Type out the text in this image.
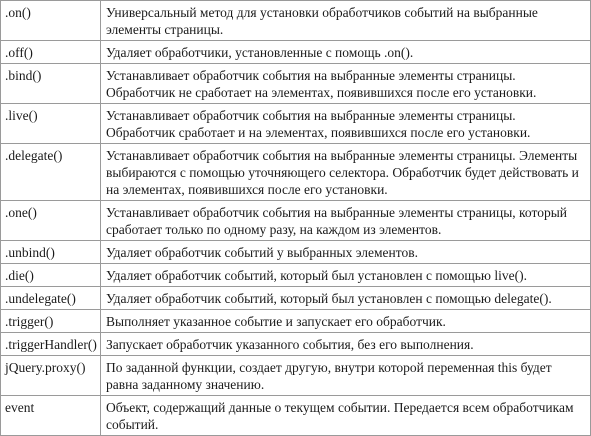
.on()	Универсальный метод для установки обработчиков событий на выбранные элементы страницы.
.off()	Удаляет обработчики, установленные с помощь .on().
.bind()	Устанавливает обработчик события на выбранные элементы страницы. Обработчик не сработает на элементах, появившихся после его установки.
.live()	Устанавливает обработчик события на выбранные элементы страницы. Обработчик сработает и на элементах, появившихся после его установки.
.delegate()	Устанавливает обработчик события на выбранные элементы страницы. Элементы выбираются с помощью уточняющего селектора. Обработчик будет действовать и на элементах, появившихся после его установки.
.one()	Устанавливает обработчик события на выбранные элементы страницы, который сработает только по одному разу, на каждом из элементов.
.unbind()	Удаляет обработчик событий у выбранных элементов.
.die()	Удаляет обработчик событий, который был установлен с помощью live().
.undelegate()	Удаляет обработчик событий, который был установлен с помощью delegate().
.trigger()	Выполняет указанное событие и запускает его обработчик.
.triggerHandler()	Запускает обработчик указанного события, без его выполнения.
jQuery.proxy()	По заданной функции, создает другую, внутри которой переменная this будет равна заданному значению.
event	Объект, содержащий данные о текущем событии. Передается всем обработчикам событий.
